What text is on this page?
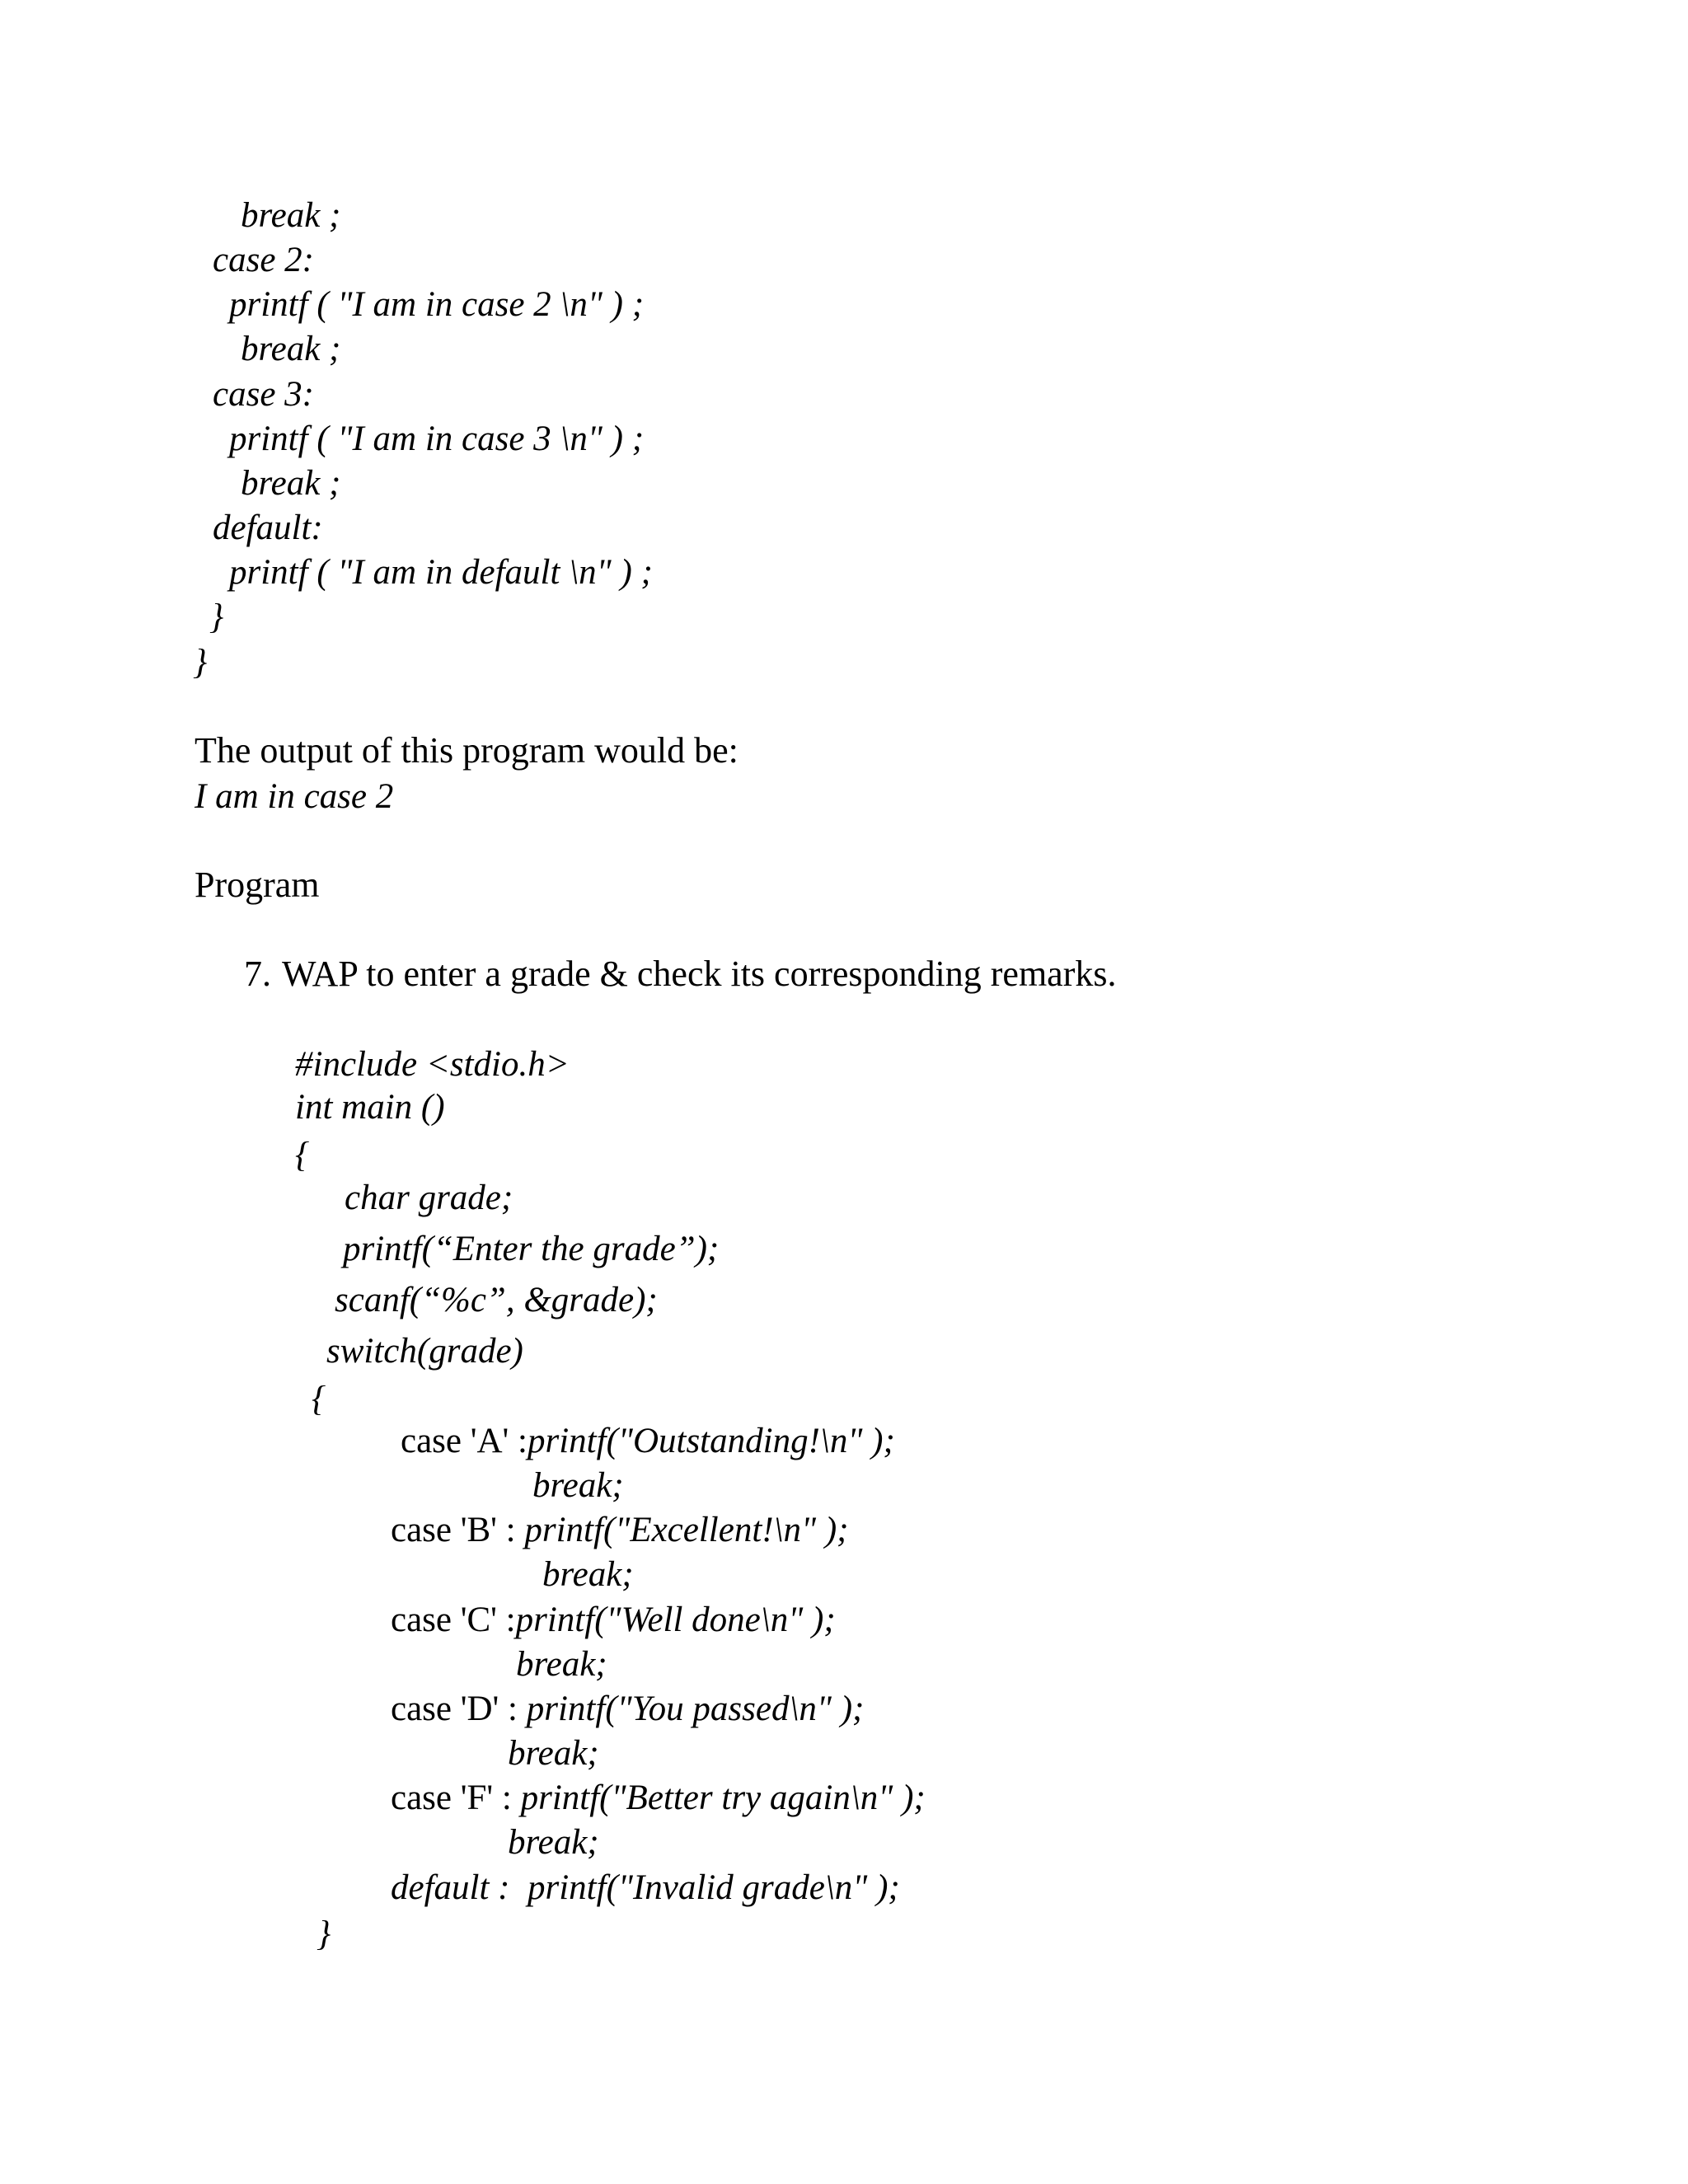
break ;
case 2:
printf ( "I am in case 2 \n" ) ;
break ;
case 3:
printf ( "I am in case 3 \n" ) ;
break ;
default:
printf ( "I am in default \n" ) ;
}
}
The output of this program would be:
I am in case 2
Program
7. WAP to enter a grade & check its corresponding remarks.
#include <stdio.h>
int main ()
{
char grade;
printf(“Enter the grade”);
scanf(“%c”, &grade);
switch(grade)
{
case 'A' :printf("Outstanding!\n" );
break;
case 'B' : printf("Excellent!\n" );
break;
case 'C' :printf("Well done\n" );
break;
case 'D' : printf("You passed\n" );
break;
case 'F' : printf("Better try again\n" );
break;
default :  printf("Invalid grade\n" );
}
